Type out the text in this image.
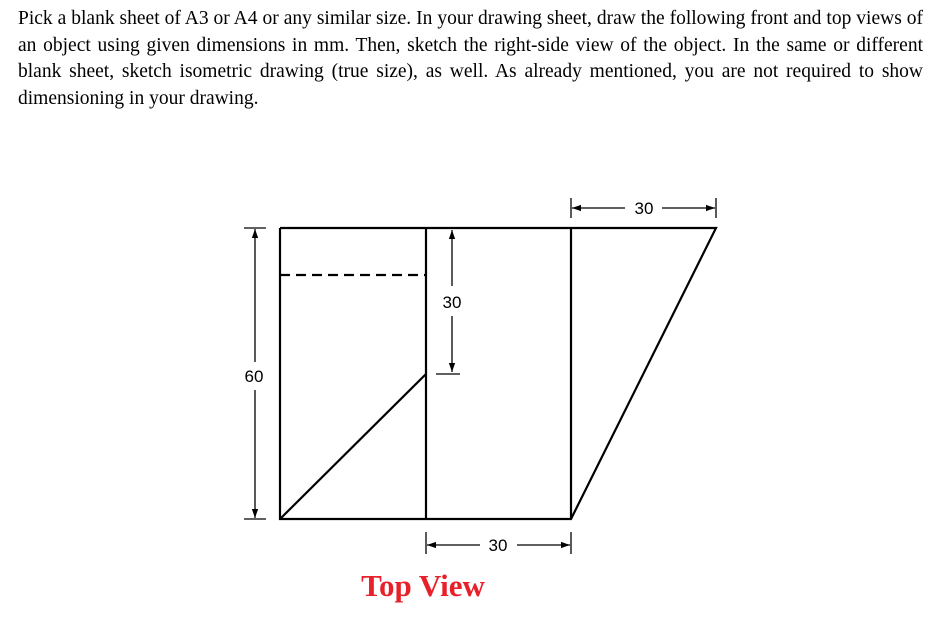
Pick a blank sheet of A3 or A4 or any similar size. In your drawing sheet, draw the following front and top views of an object using given dimensions in mm. Then, sketch the right-side view of the object. In the same or different blank sheet, sketch isometric drawing (true size), as well. As already mentioned, you are not required to show dimensioning in your drawing.

60
30
30
30
Top View
